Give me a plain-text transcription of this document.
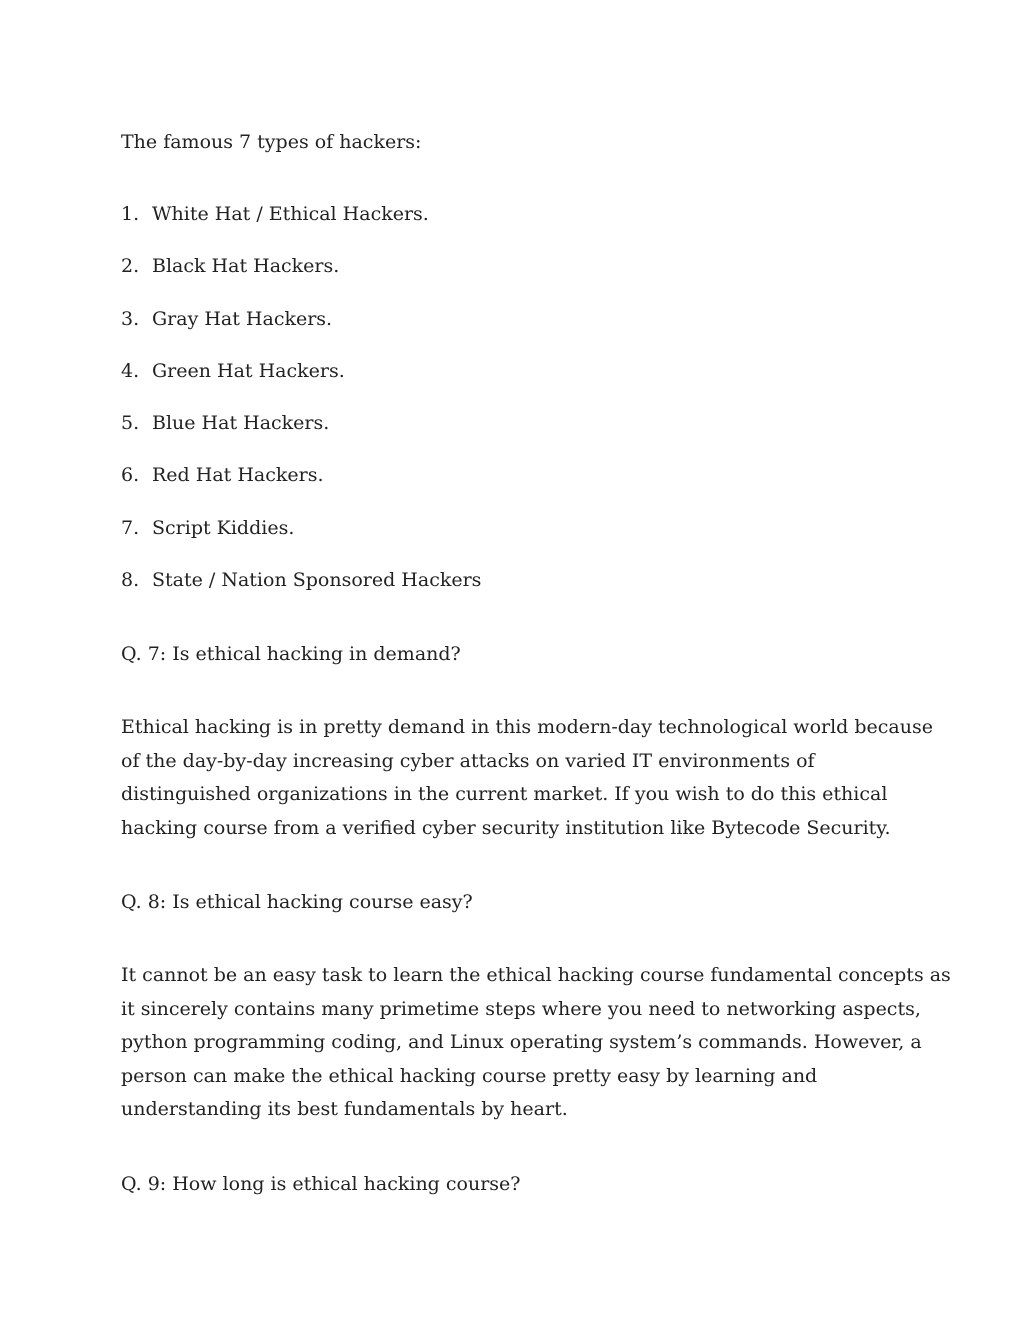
The famous 7 types of hackers:
1. White Hat / Ethical Hackers.
2. Black Hat Hackers.
3. Gray Hat Hackers.
4. Green Hat Hackers.
5. Blue Hat Hackers.
6. Red Hat Hackers.
7. Script Kiddies.
8. State / Nation Sponsored Hackers
Q. 7: Is ethical hacking in demand?

Ethical hacking is in pretty demand in this modern-day technological world because
of the day-by-day increasing cyber attacks on varied IT environments of
distinguished organizations in the current market. If you wish to do this ethical
hacking course from a verified cyber security institution like Bytecode Security.

Q. 8: Is ethical hacking course easy?

It cannot be an easy task to learn the ethical hacking course fundamental concepts as
it sincerely contains many primetime steps where you need to networking aspects,
python programming coding, and Linux operating system’s commands. However, a
person can make the ethical hacking course pretty easy by learning and
understanding its best fundamentals by heart.

Q. 9: How long is ethical hacking course?
